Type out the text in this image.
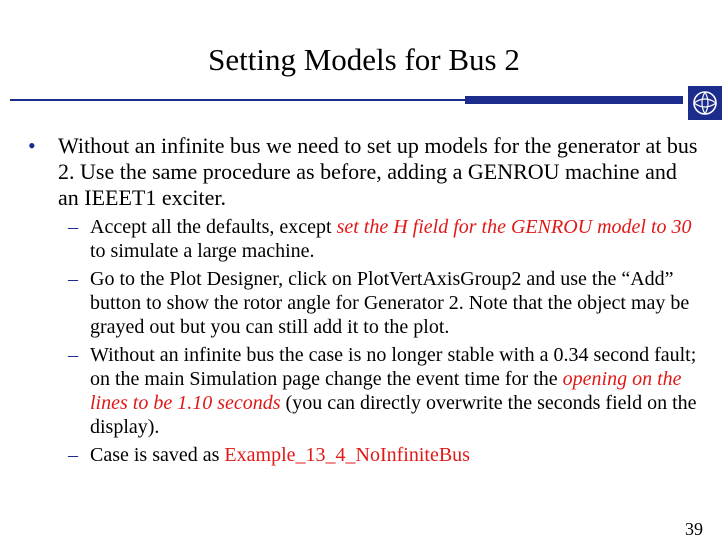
Setting Models for Bus 2
• Without an infinite bus we need to set up models for the generator at bus 2. Use the same procedure as before, adding a GENROU machine and an IEEET1 exciter.
– Accept all the defaults, except set the H field for the GENROU model to 30 to simulate a large machine.
– Go to the Plot Designer, click on PlotVertAxisGroup2 and use the “Add” button to show the rotor angle for Generator 2. Note that the object may be grayed out but you can still add it to the plot.
– Without an infinite bus the case is no longer stable with a 0.34 second fault; on the main Simulation page change the event time for the opening on the lines to be 1.10 seconds (you can directly overwrite the seconds field on the display).
– Case is saved as Example_13_4_NoInfiniteBus
39
